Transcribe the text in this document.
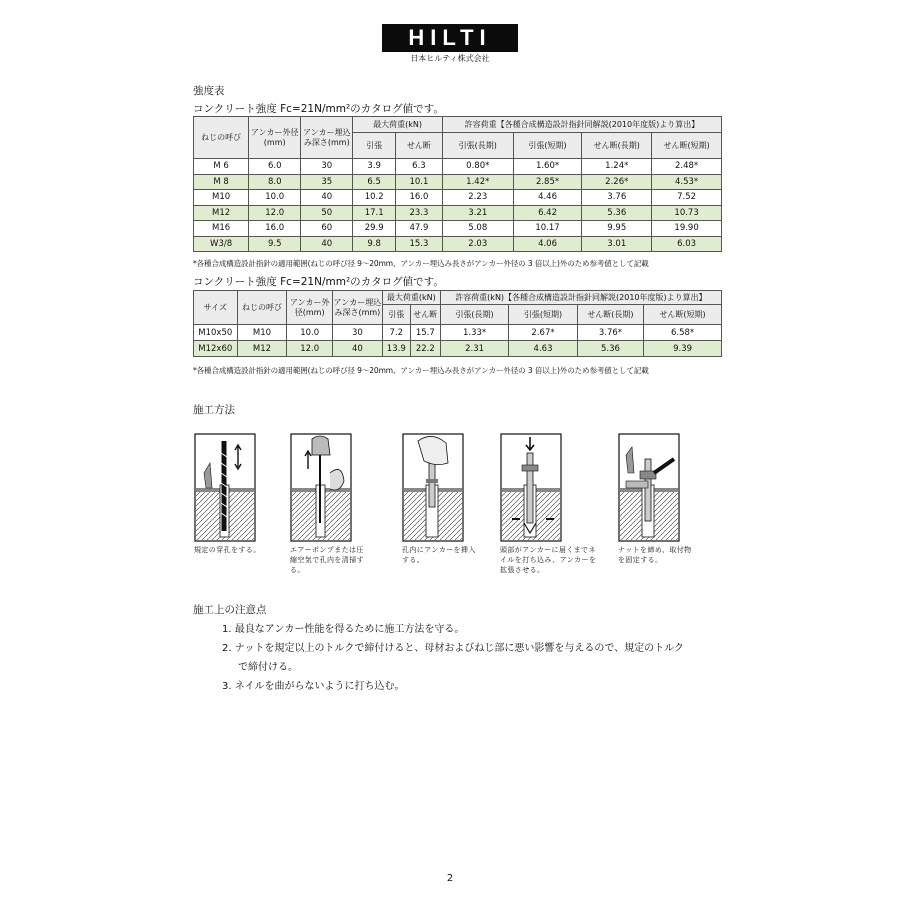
HILTI
日本ヒルティ株式会社
強度表
コンクリート強度 Fc=21N/mm²のカタログ値です。
ねじの呼び	アンカー外径(mm)	アンカー埋込み深さ(mm)	最大荷重(kN)		許容荷重【各種合成構造設計指針同解説(2010年度版)より算出】			
			引張	せん断	引張(長期)	引張(短期)	せん断(長期)	せん断(短期)
M 6	6.0	30	3.9	6.3	0.80*	1.60*	1.24*	2.48*
M 8	8.0	35	6.5	10.1	1.42*	2.85*	2.26*	4.53*
M10	10.0	40	10.2	16.0	2.23	4.46	3.76	7.52
M12	12.0	50	17.1	23.3	3.21	6.42	5.36	10.73
M16	16.0	60	29.9	47.9	5.08	10.17	9.95	19.90
W3/8	9.5	40	9.8	15.3	2.03	4.06	3.01	6.03
*各種合成構造設計指針の適用範囲(ねじの呼び径 9～20mm、アンカー埋込み長さがアンカー外径の 3 倍以上)外のため参考値として記載
コンクリート強度 Fc=21N/mm²のカタログ値です。
サイズ	ねじの呼び	アンカー外径(mm)	アンカー埋込み深さ(mm)	最大荷重(kN)		許容荷重(kN)【各種合成構造設計指針同解説(2010年度版)より算出】			
				引張	せん断	引張(長期)	引張(短期)	せん断(長期)	せん断(短期)
M10x50	M10	10.0	30	7.2	15.7	1.33*	2.67*	3.76*	6.58*
M12x60	M12	12.0	40	13.9	22.2	2.31	4.63	5.36	9.39
*各種合成構造設計指針の適用範囲(ねじの呼び径 9～20mm、アンカー埋込み長さがアンカー外径の 3 倍以上)外のため参考値として記載
施工方法
規定の穿孔をする。	エアーポンプまたは圧縮空気で孔内を清掃する。
孔内にアンカーを挿入する。
頭部がアンカーに届くまでネイルを打ち込み、アンカーを拡張させる。
ナットを締め、取付物を固定する。
施工上の注意点
1. 最良なアンカー性能を得るために施工方法を守る。
2. ナットを規定以上のトルクで締付けると、母材およびねじ部に悪い影響を与えるので、規定のトルク
で締付ける。
3. ネイルを曲がらないように打ち込む。
2
